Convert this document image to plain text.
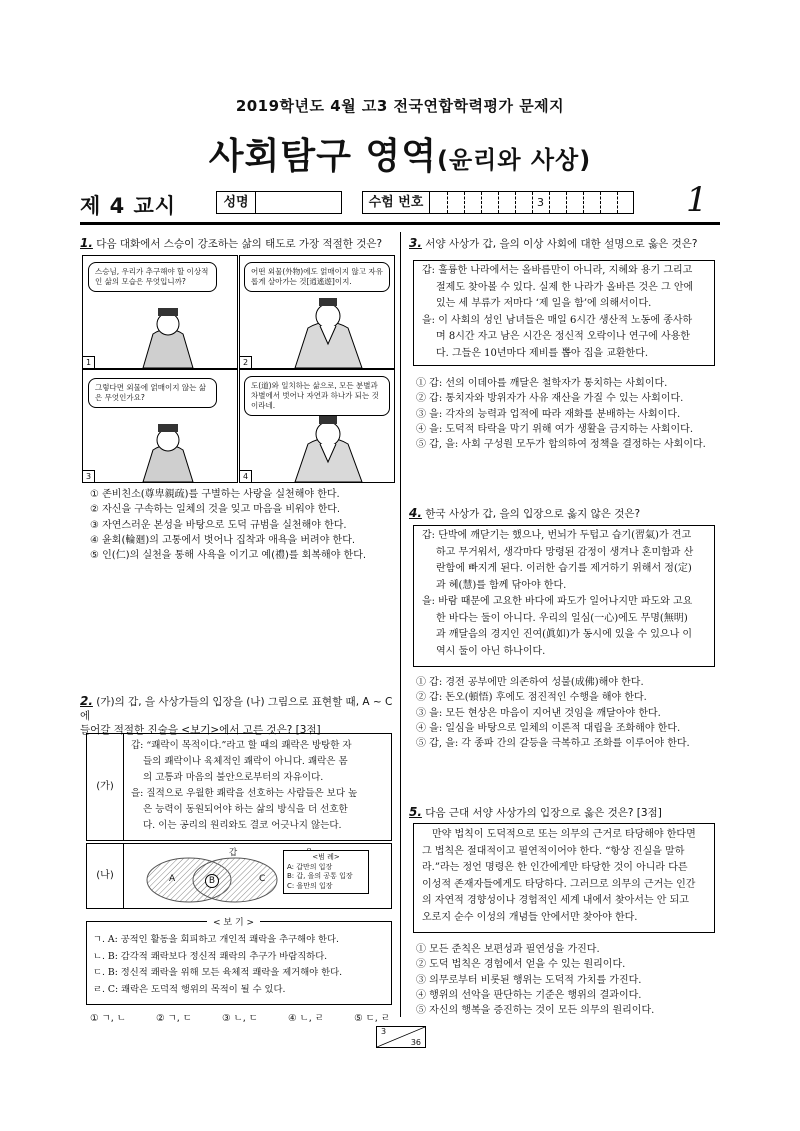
2019학년도 4월 고3 전국연합학력평가 문제지
사회탐구 영역(윤리와 사상)
제 4 교시	성명	수험 번호	3	1
1. 다음 대화에서 스승이 강조하는 삶의 태도로 가장 적절한 것은?
스승님, 우리가 추구해야 할 이상적인 삶의 모습은 무엇입니까?
1
어떤 외물(外物)에도 얽매이지 않고 자유롭게 살아가는 것[逍遙遊]이지.
2
그렇다면 외물에 얽매이지 않는 삶은 무엇인가요?
3
도(道)와 일치하는 삶으로, 모든 분별과 차별에서 벗어나 자연과 하나가 되는 것이라네.
4
① 존비친소(尊卑親疏)를 구별하는 사랑을 실천해야 한다.
② 자신을 구속하는 일체의 것을 잊고 마음을 비워야 한다.
③ 자연스러운 본성을 바탕으로 도덕 규범을 실천해야 한다.
④ 윤회(輪廻)의 고통에서 벗어나 집착과 애욕을 버려야 한다.
⑤ 인(仁)의 실천을 통해 사욕을 이기고 예(禮)를 회복해야 한다.
2. (가)의 갑, 을 사상가들의 입장을 (나) 그림으로 표현할 때, A ~ C에
들어갈 적절한 진술을 <보기>에서 고른 것은? [3점]
(가)
갑: “쾌락이 목적이다.”라고 할 때의 쾌락은 방탕한 자
들의 쾌락이나 육체적인 쾌락이 아니다. 쾌락은 몸
의 고통과 마음의 불안으로부터의 자유이다.
을: 질적으로 우월한 쾌락을 선호하는 사람들은 보다 높
은 능력이 동원되어야 하는 삶의 방식을 더 선호한
다. 이는 공리의 원리와도 결코 어긋나지 않는다.
(나)
갑
A	B	C
<범 례>
A: 갑만의 입장
B: 갑, 을의 공통 입장
C: 을만의 입장
< 보 기 >
ㄱ. A: 공적인 활동을 회피하고 개인적 쾌락을 추구해야 한다.
ㄴ. B: 감각적 쾌락보다 정신적 쾌락의 추구가 바람직하다.
ㄷ. B: 정신적 쾌락을 위해 모든 육체적 쾌락을 제거해야 한다.
ㄹ. C: 쾌락은 도덕적 행위의 목적이 될 수 있다.
① ㄱ, ㄴ	② ㄱ, ㄷ	③ ㄴ, ㄷ	④ ㄴ, ㄹ	⑤ ㄷ, ㄹ
3. 서양 사상가 갑, 을의 이상 사회에 대한 설명으로 옳은 것은?
갑: 훌륭한 나라에서는 올바름만이 아니라, 지혜와 용기 그리고
절제도 찾아볼 수 있다. 실제 한 나라가 올바른 것은 그 안에
있는 세 부류가 저마다 ‘제 일을 함’에 의해서이다.
을: 이 사회의 성인 남녀들은 매일 6시간 생산적 노동에 종사하
며 8시간 자고 남은 시간은 정신적 오락이나 연구에 사용한
다. 그들은 10년마다 제비를 뽑아 집을 교환한다.
① 갑: 선의 이데아를 깨달은 철학자가 통치하는 사회이다.
② 갑: 통치자와 방위자가 사유 재산을 가질 수 있는 사회이다.
③ 을: 각자의 능력과 업적에 따라 재화를 분배하는 사회이다.
④ 을: 도덕적 타락을 막기 위해 여가 생활을 금지하는 사회이다.
⑤ 갑, 을: 사회 구성원 모두가 합의하여 정책을 결정하는 사회이다.
4. 한국 사상가 갑, 을의 입장으로 옳지 않은 것은?
갑: 단박에 깨닫기는 했으나, 번뇌가 두텁고 습기(習氣)가 견고
하고 무거워서, 생각마다 망령된 감정이 생겨나 혼미함과 산
란함에 빠지게 된다. 이러한 습기를 제거하기 위해서 정(定)
과 혜(慧)를 함께 닦아야 한다.
을: 바람 때문에 고요한 바다에 파도가 일어나지만 파도와 고요
한 바다는 둘이 아니다. 우리의 일심(一心)에도 무명(無明)
과 깨달음의 경지인 진여(眞如)가 동시에 있을 수 있으나 이
역시 둘이 아닌 하나이다.
① 갑: 경전 공부에만 의존하여 성불(成佛)해야 한다.
② 갑: 돈오(頓悟) 후에도 점진적인 수행을 해야 한다.
③ 을: 모든 현상은 마음이 지어낸 것임을 깨달아야 한다.
④ 을: 일심을 바탕으로 일체의 이론적 대립을 조화해야 한다.
⑤ 갑, 을: 각 종파 간의 갈등을 극복하고 조화를 이루어야 한다.
5. 다음 근대 서양 사상가의 입장으로 옳은 것은? [3점]
만약 법칙이 도덕적으로 또는 의무의 근거로 타당해야 한다면
그 법칙은 절대적이고 필연적이어야 한다. “항상 진실을 말하
라.”라는 정언 명령은 한 인간에게만 타당한 것이 아니라 다른
이성적 존재자들에게도 타당하다. 그러므로 의무의 근거는 인간
의 자연적 경향성이나 경험적인 세계 내에서 찾아서는 안 되고
오로지 순수 이성의 개념들 안에서만 찾아야 한다.
① 모든 준칙은 보편성과 필연성을 가진다.
② 도덕 법칙은 경험에서 얻을 수 있는 원리이다.
③ 의무로부터 비롯된 행위는 도덕적 가치를 가진다.
④ 행위의 선악을 판단하는 기준은 행위의 결과이다.
⑤ 자신의 행복을 증진하는 것이 모든 의무의 원리이다.
3
36
